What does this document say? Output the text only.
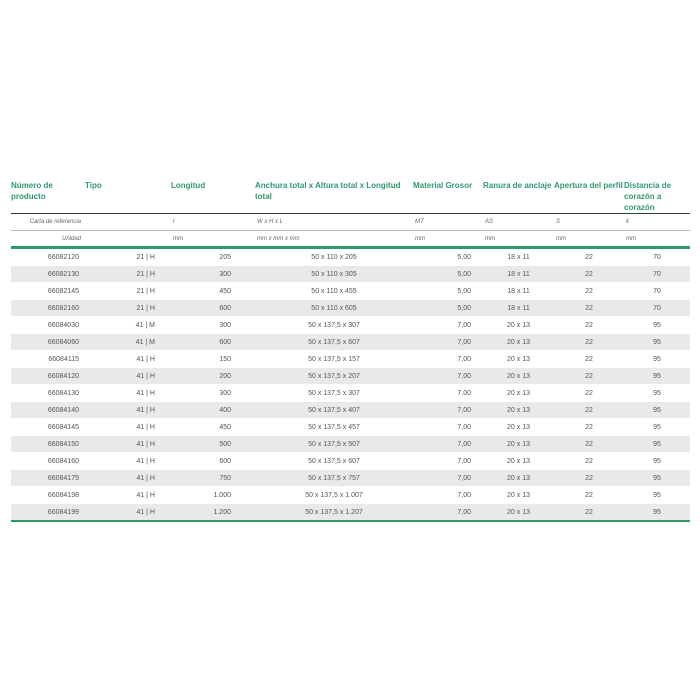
Número de producto	Tipo	Longitud	Anchura total x Altura total x Longitud total	Material Grosor	Ranura de anclaje	Apertura del perfil	Distancia de corazón a corazón
Carta de referencia		l	W x H x L	MT	AS	S	k
Unidad		mm	mm x mm x mm	mm	mm	mm	mm
66082120	21 | H	205	50 x 110 x 205	5,00	18 x 11	22	70
66082130	21 | H	300	50 x 110 x 305	5,00	18 x 11	22	70
66082145	21 | H	450	50 x 110 x 455	5,00	18 x 11	22	70
66082160	21 | H	600	50 x 110 x 605	5,00	18 x 11	22	70
66084030	41 | M	300	50 x 137,5 x 307	7,00	20 x 13	22	95
66084060	41 | M	600	50 x 137,5 x 607	7,00	20 x 13	22	95
66084115	41 | H	150	50 x 137,5 x 157	7,00	20 x 13	22	95
66084120	41 | H	200	50 x 137,5 x 207	7,00	20 x 13	22	95
66084130	41 | H	300	50 x 137,5 x 307	7,00	20 x 13	22	95
66084140	41 | H	400	50 x 137,5 x 407	7,00	20 x 13	22	95
66084145	41 | H	450	50 x 137,5 x 457	7,00	20 x 13	22	95
66084150	41 | H	500	50 x 137,5 x 507	7,00	20 x 13	22	95
66084160	41 | H	600	50 x 137,5 x 607	7,00	20 x 13	22	95
66084175	41 | H	750	50 x 137,5 x 757	7,00	20 x 13	22	95
66084198	41 | H	1.000	50 x 137,5 x 1.007	7,00	20 x 13	22	95
66084199	41 | H	1.200	50 x 137,5 x 1.207	7,00	20 x 13	22	95
